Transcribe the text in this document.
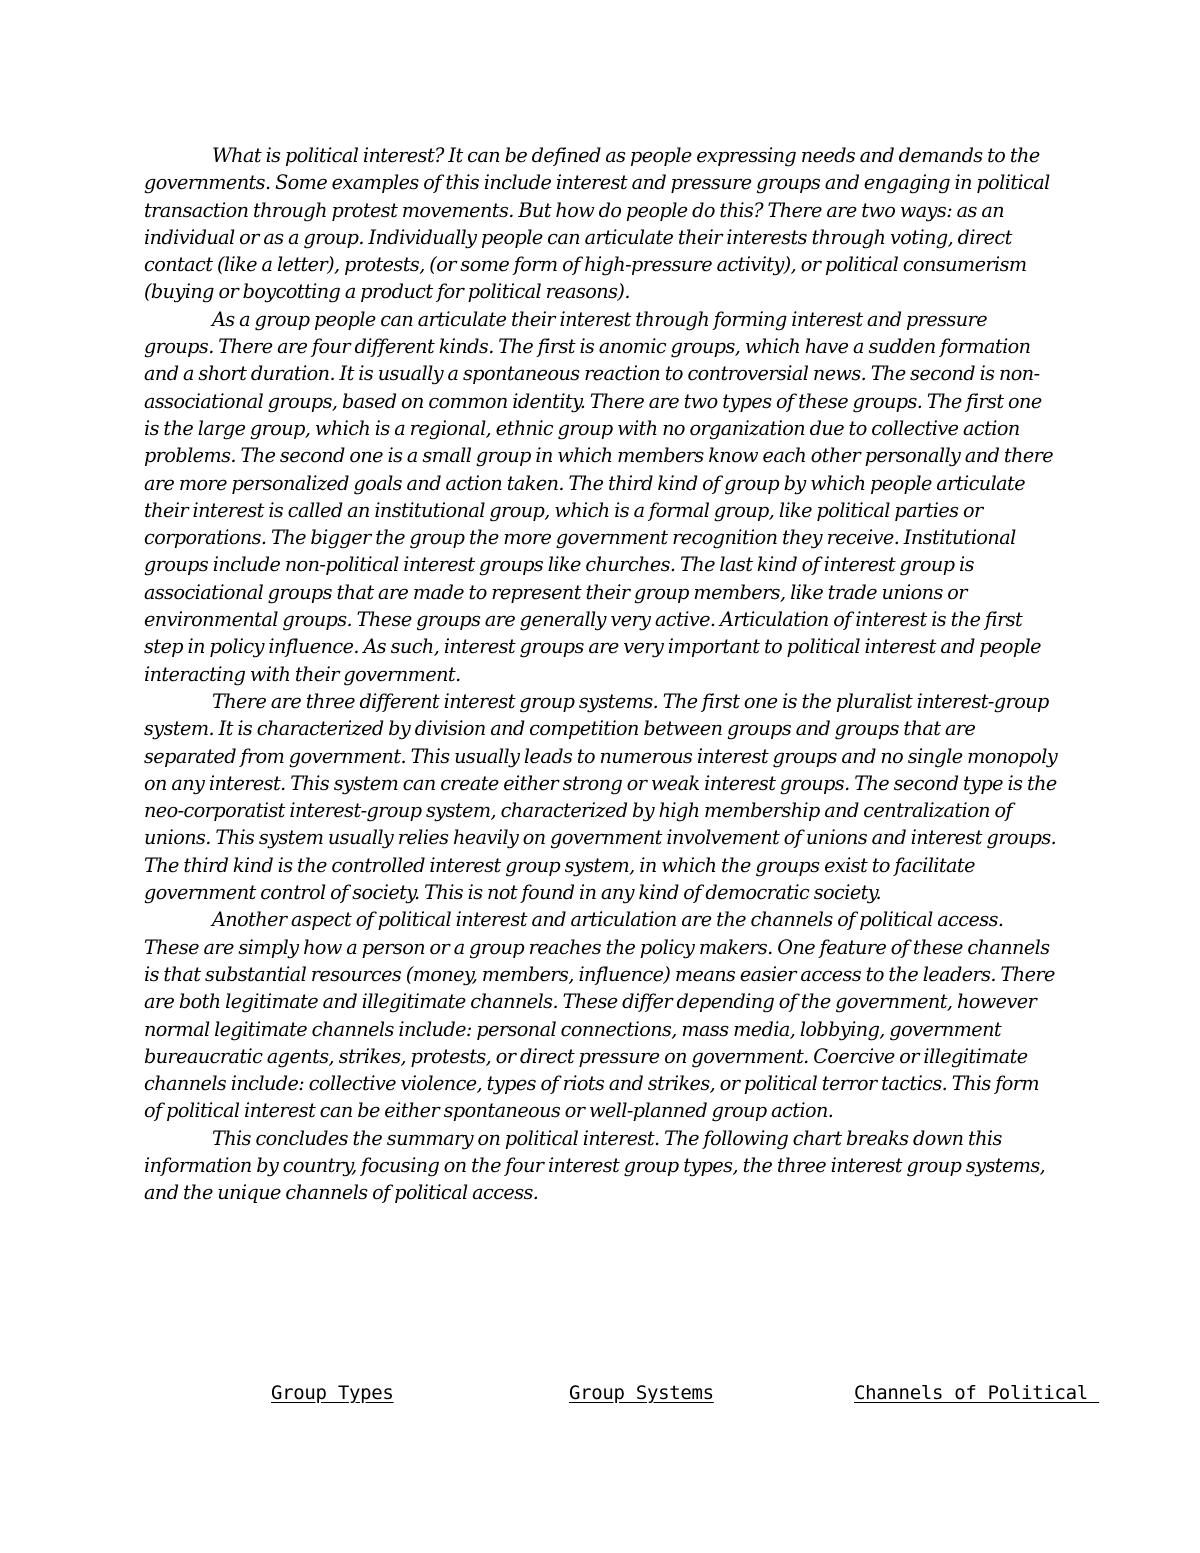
What is political interest? It can be defined as people expressing needs and demands to the governments. Some examples of this include interest and pressure groups and engaging in political transaction through protest movements. But how do people do this? There are two ways: as an individual or as a group. Individually people can articulate their interests through voting, direct contact (like a letter), protests, (or some form of high-pressure activity), or political consumerism (buying or boycotting a product for political reasons).

As a group people can articulate their interest through forming interest and pressure groups. There are four different kinds. The first is anomic groups, which have a sudden formation and a short duration. It is usually a spontaneous reaction to controversial news. The second is non-associational groups, based on common identity. There are two types of these groups. The first one is the large group, which is a regional, ethnic group with no organization due to collective action problems. The second one is a small group in which members know each other personally and there are more personalized goals and action taken. The third kind of group by which people articulate their interest is called an institutional group, which is a formal group, like political parties or corporations. The bigger the group the more government recognition they receive. Institutional groups include non-political interest groups like churches. The last kind of interest group is associational groups that are made to represent their group members, like trade unions or environmental groups. These groups are generally very active. Articulation of interest is the first step in policy influence. As such, interest groups are very important to political interest and people interacting with their government.

There are three different interest group systems. The first one is the pluralist interest-group system. It is characterized by division and competition between groups and groups that are separated from government. This usually leads to numerous interest groups and no single monopoly on any interest. This system can create either strong or weak interest groups. The second type is the neo-corporatist interest-group system, characterized by high membership and centralization of unions. This system usually relies heavily on government involvement of unions and interest groups. The third kind is the controlled interest group system, in which the groups exist to facilitate government control of society. This is not found in any kind of democratic society.

Another aspect of political interest and articulation are the channels of political access. These are simply how a person or a group reaches the policy makers. One feature of these channels is that substantial resources (money, members, influence) means easier access to the leaders. There are both legitimate and illegitimate channels. These differ depending of the government, however normal legitimate channels include: personal connections, mass media, lobbying, government bureaucratic agents, strikes, protests, or direct pressure on government. Coercive or illegitimate channels include: collective violence, types of riots and strikes, or political terror tactics. This form of political interest can be either spontaneous or well-planned group action.

This concludes the summary on political interest. The following chart breaks down this information by country, focusing on the four interest group types, the three interest group systems, and the unique channels of political access.

Group Types	Group Systems	Channels of Political
